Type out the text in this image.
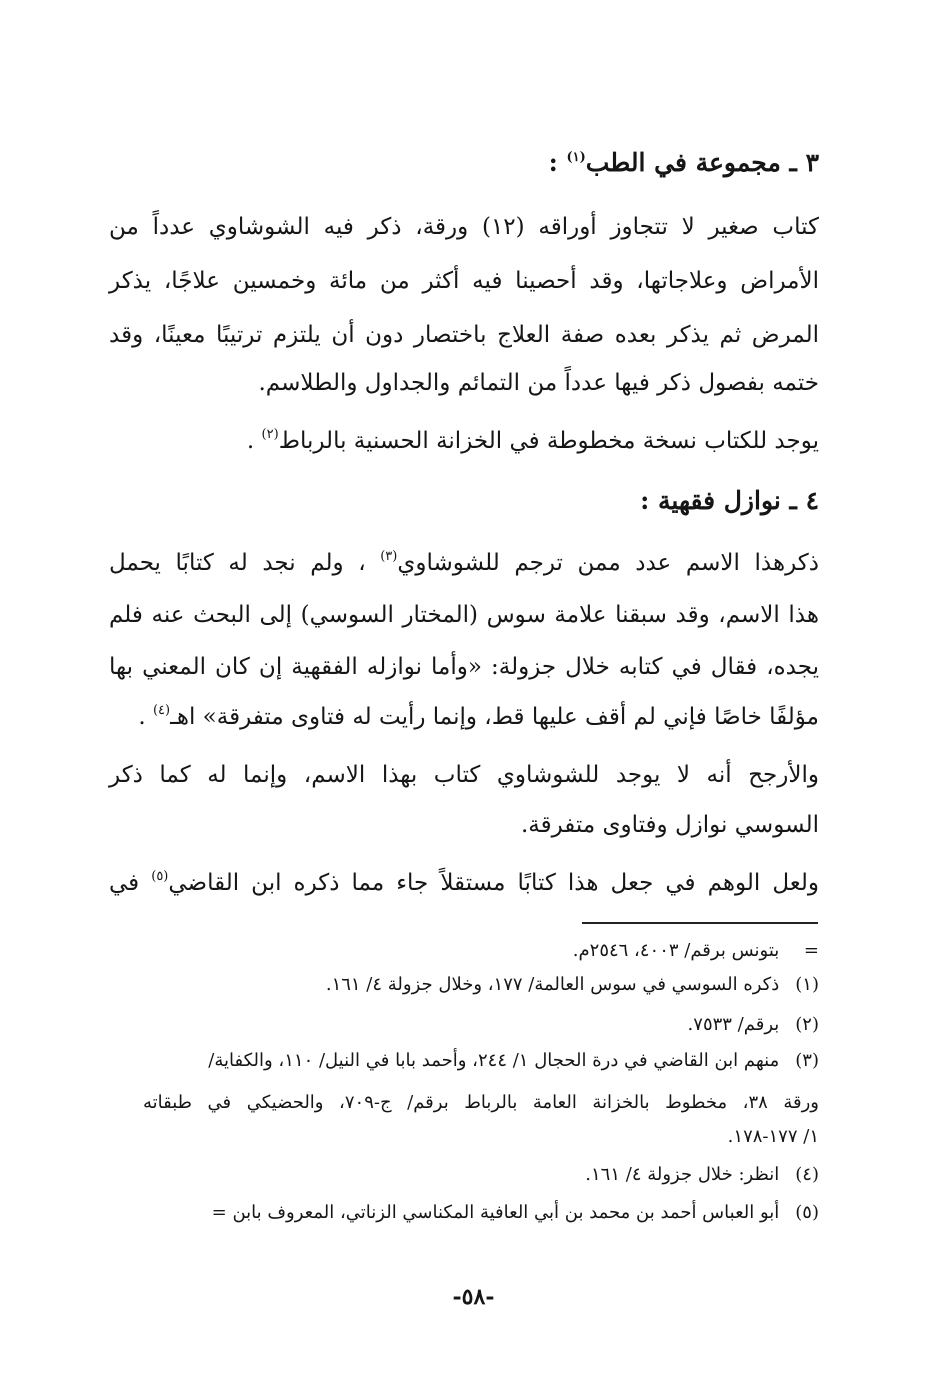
٣ ـ مجموعة في الطب$^{(١)}$ :
كتاب صغير لا تتجاوز أوراقه (١٢) ورقة، ذكر فيه الشوشاوي عدداً من
الأمراض وعلاجاتها، وقد أحصينا فيه أكثر من مائة وخمسين علاجًا، يذكر
المرض ثم يذكر بعده صفة العلاج باختصار دون أن يلتزم ترتيبًا معينًا، وقد
ختمه بفصول ذكر فيها عدداً من التمائم والجداول والطلاسم.
يوجد للكتاب نسخة مخطوطة في الخزانة الحسنية بالرباط$^{(٢)}$ .
٤ ـ نوازل فقهية :
ذكرهذا الاسم عدد ممن ترجم للشوشاوي$^{(٣)}$ ، ولم نجد له كتابًا يحمل
هذا الاسم، وقد سبقنا علامة سوس (المختار السوسي) إلى البحث عنه فلم
يجده، فقال في كتابه خلال جزولة: «وأما نوازله الفقهية إن كان المعني بها
مؤلفًا خاصًا فإني لم أقف عليها قط، وإنما رأيت له فتاوى متفرقة» اهـ$^{(٤)}$ .
والأرجح أنه لا يوجد للشوشاوي كتاب بهذا الاسم، وإنما له كما ذكر
السوسي نوازل وفتاوى متفرقة.
ولعل الوهم في جعل هذا كتابًا مستقلاً جاء مما ذكره ابن القاضي$^{(٥)}$ في
= بتونس برقم/ ٤٠٠٣، ٢٥٤٦م.
(١) ذكره السوسي في سوس العالمة/ ١٧٧، وخلال جزولة ٤/ ١٦١.
(٢) برقم/ ٧٥٣٣.
(٣) منهم ابن القاضي في درة الحجال ١/ ٢٤٤، وأحمد بابا في النيل/ ١١٠، والكفاية/
ورقة ٣٨، مخطوط بالخزانة العامة بالرباط برقم/ ج-٧٠٩، والحضيكي في طبقاته
١/ ١٧٧-١٧٨.
(٤) انظر: خلال جزولة ٤/ ١٦١.
(٥) أبو العباس أحمد بن محمد بن أبي العافية المكناسي الزناتي، المعروف بابن =
-٥٨-
